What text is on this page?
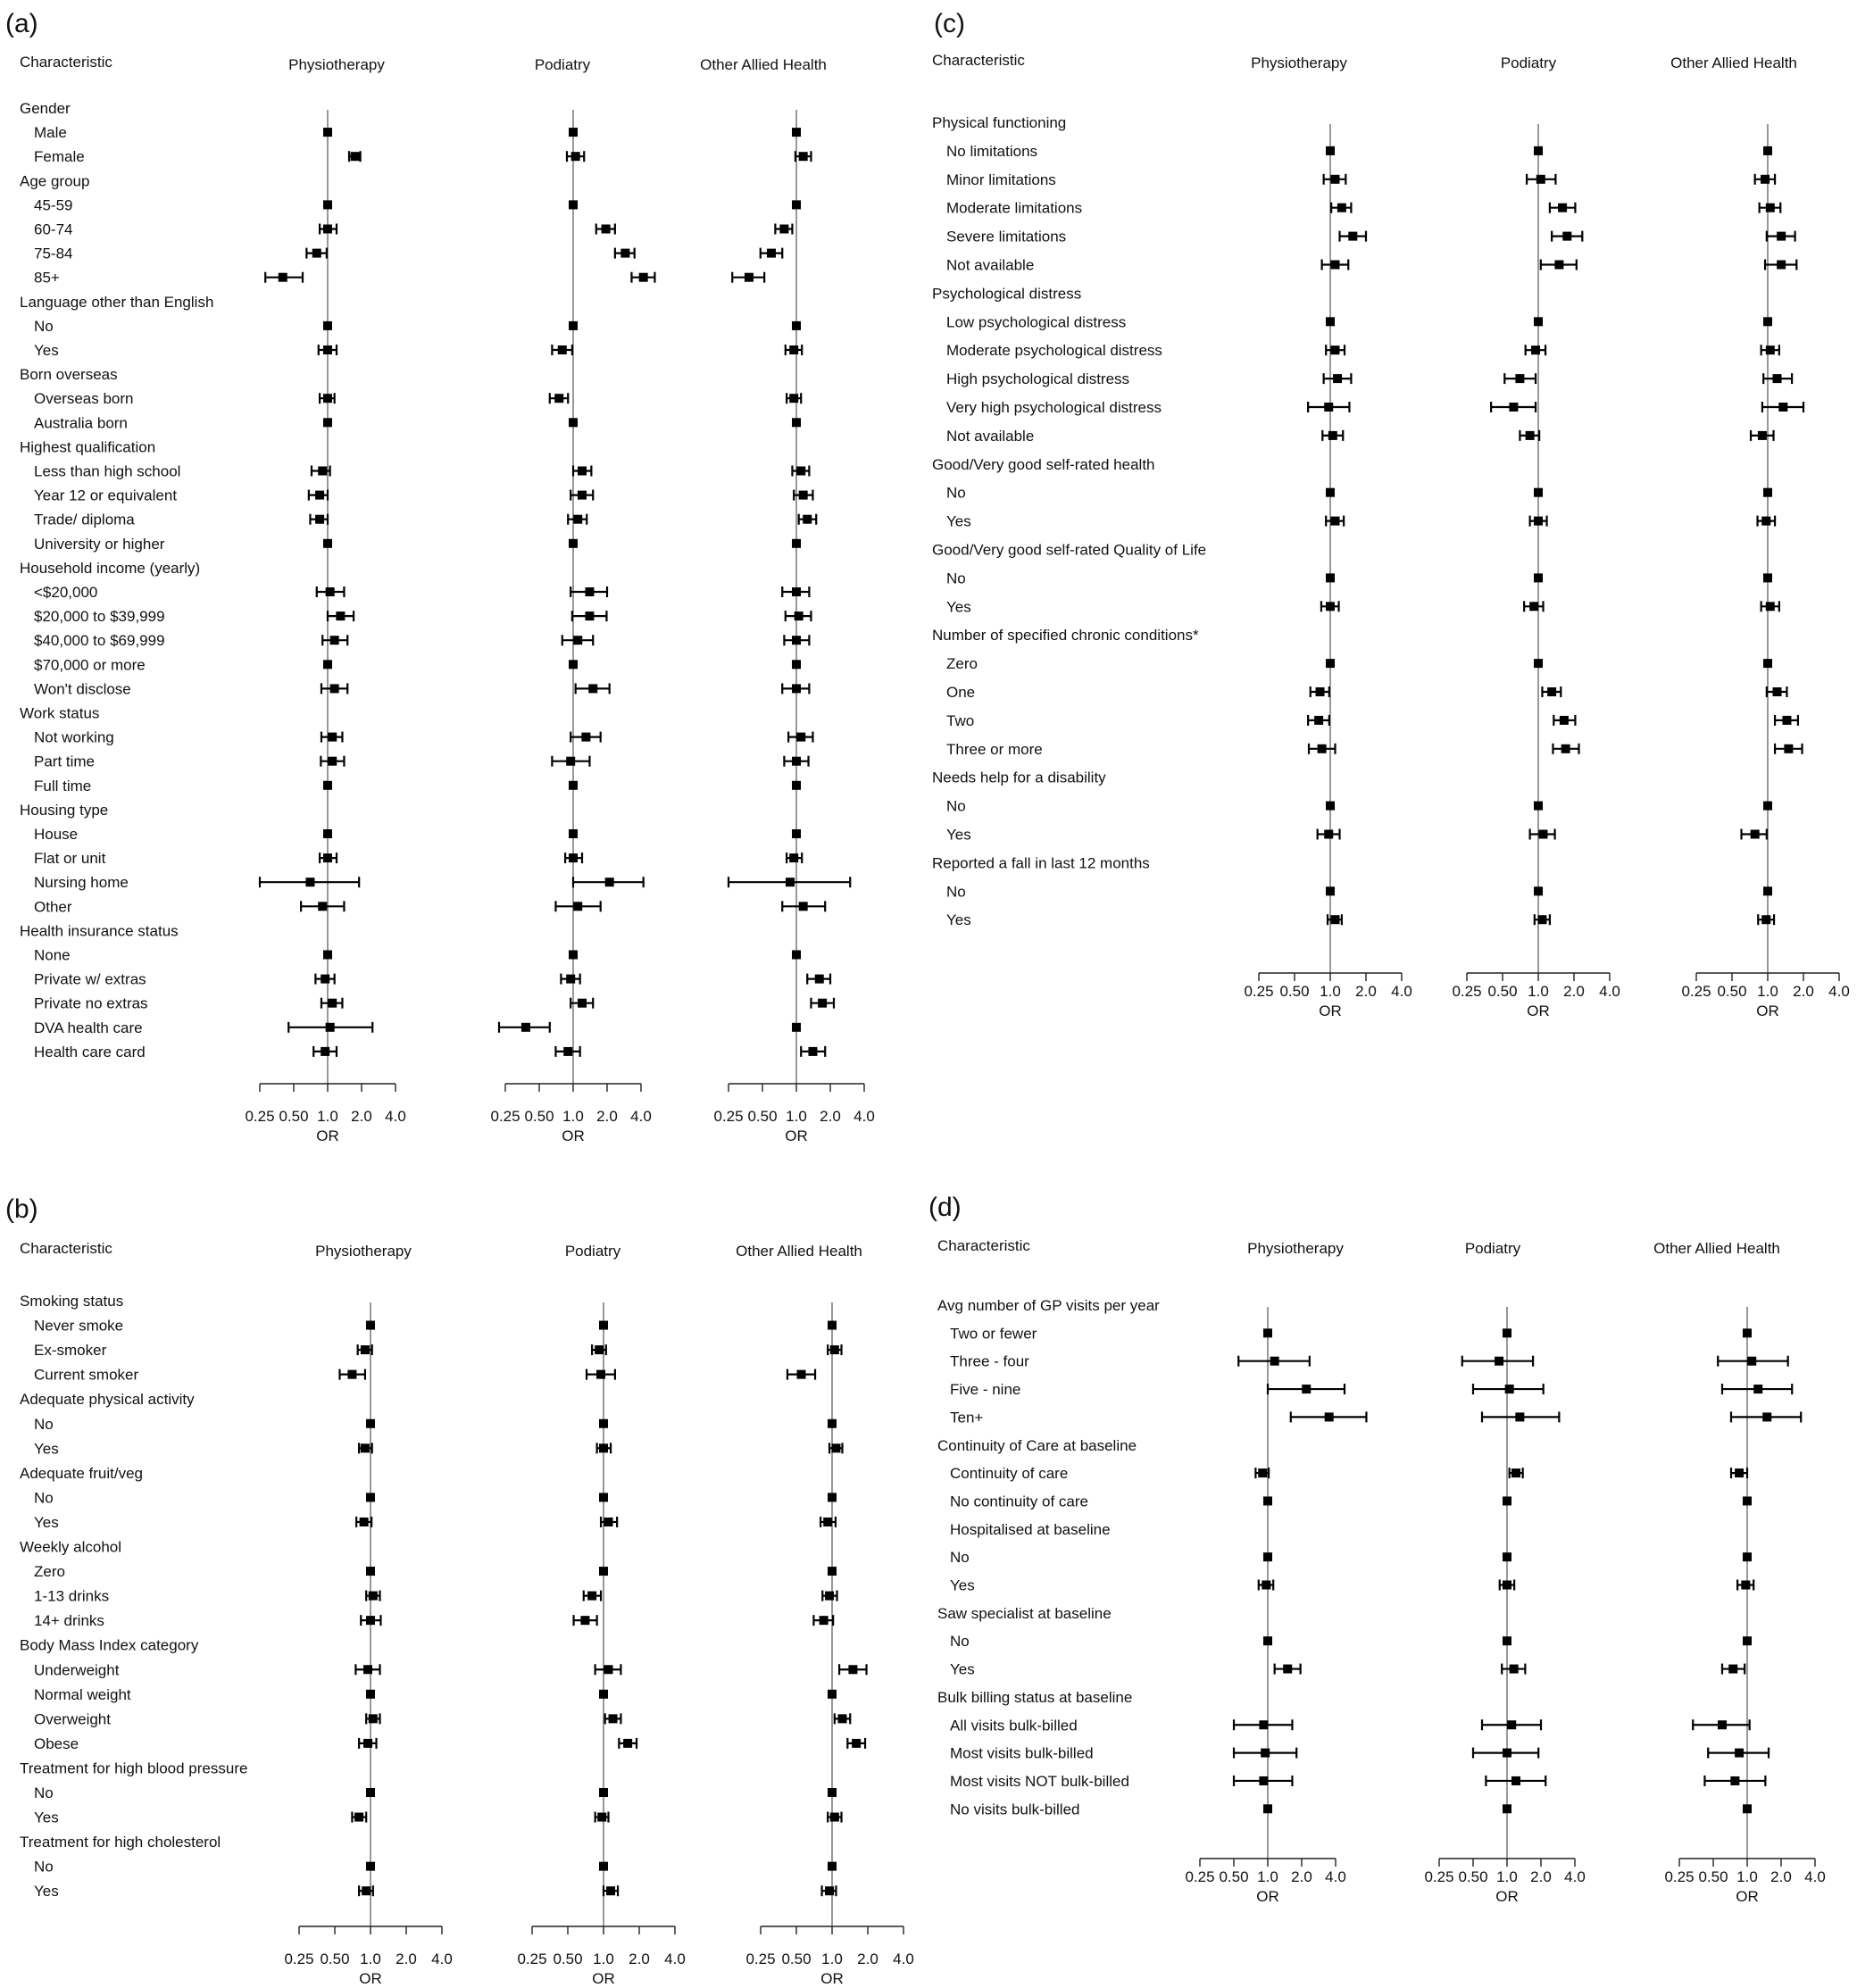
(a)
Characteristic	Physiotherapy	Podiatry	Other Allied Health
Gender
Male
Female
Age group
45-59
60-74
75-84
85+
Language other than English
No
Yes
Born overseas
Overseas born
Australia born
Highest qualification
Less than high school
Year 12 or equivalent
Trade/ diploma
University or higher
Household income (yearly)
<$20,000
$20,000 to $39,999
$40,000 to $69,999
$70,000 or more
Won't disclose
Work status
Not working
Part time
Full time
Housing type
House
Flat or unit
Nursing home
Other
Health insurance status
None
Private w/ extras
Private no extras
DVA health care
Health care card
0.25 0.50 1.0 2.0 4.0
OR
0.25 0.50 1.0 2.0 4.0
OR
0.25 0.50 1.0 2.0 4.0
OR
(b)
Characteristic	Physiotherapy	Podiatry	Other Allied Health
Smoking status
Never smoke
Ex-smoker
Current smoker
Adequate physical activity
No
Yes
Adequate fruit/veg
No
Yes
Weekly alcohol
Zero
1-13 drinks
14+ drinks
Body Mass Index category
Underweight
Normal weight
Overweight
Obese
Treatment for high blood pressure
No
Yes
Treatment for high cholesterol
No
Yes
0.25 0.50 1.0 2.0 4.0
OR
0.25 0.50 1.0 2.0 4.0
OR
0.25 0.50 1.0 2.0 4.0
OR
(c)
Characteristic	Physiotherapy	Podiatry	Other Allied Health
Physical functioning
No limitations
Minor limitations
Moderate limitations
Severe limitations
Not available
Psychological distress
Low psychological distress
Moderate psychological distress
High psychological distress
Very high psychological distress
Not available
Good/Very good self-rated health
No
Yes
Good/Very good self-rated Quality of Life
No
Yes
Number of specified chronic conditions*
Zero
One
Two
Three or more
Needs help for a disability
No
Yes
Reported a fall in last 12 months
No
Yes
0.25 0.50 1.0 2.0 4.0
OR
0.25 0.50 1.0 2.0 4.0
OR
0.25 0.50 1.0 2.0 4.0
OR
(d)
Characteristic	Physiotherapy	Podiatry	Other Allied Health
Avg number of GP visits per year
Two or fewer
Three - four
Five - nine
Ten+
Continuity of Care at baseline
Continuity of care
No continuity of care
Hospitalised at baseline
No
Yes
Saw specialist at baseline
No
Yes
Bulk billing status at baseline
All visits bulk-billed
Most visits bulk-billed
Most visits NOT bulk-billed
No visits bulk-billed
0.25 0.50 1.0 2.0 4.0
OR
0.25 0.50 1.0 2.0 4.0
OR
0.25 0.50 1.0 2.0 4.0
OR
